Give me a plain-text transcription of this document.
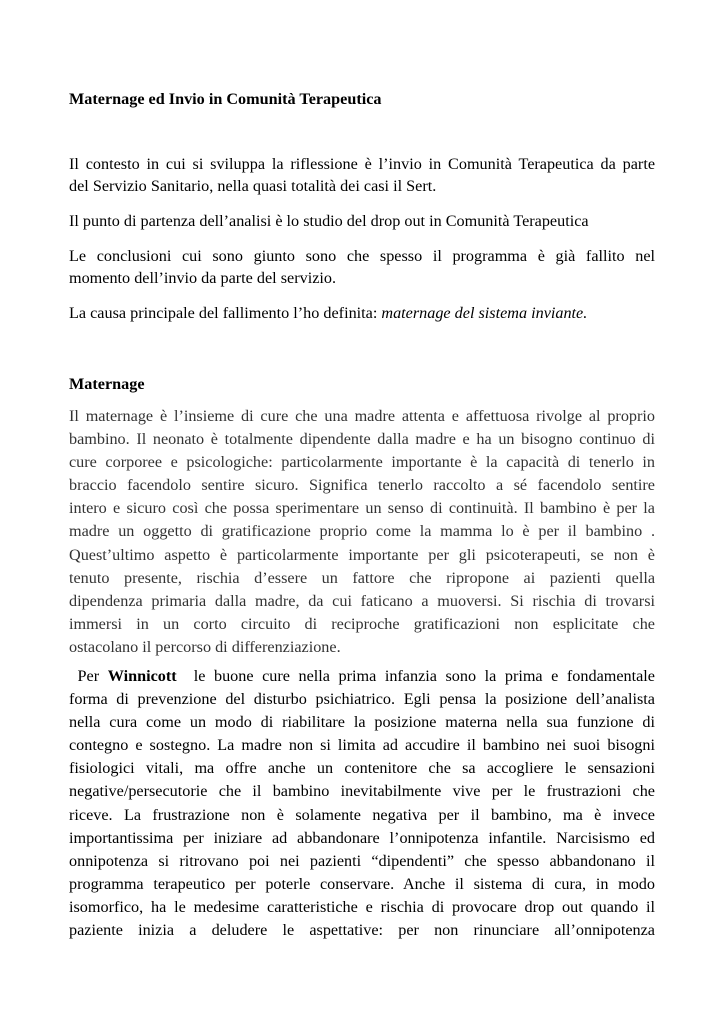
Maternage ed Invio in Comunità Terapeutica
Il contesto in cui si sviluppa la riflessione è l’invio in Comunità Terapeutica da parte
del Servizio Sanitario, nella quasi totalità dei casi il Sert.
Il punto di partenza dell’analisi è lo studio del drop out in Comunità Terapeutica
Le conclusioni cui sono giunto sono che spesso il programma è già fallito nel
momento dell’invio da parte del servizio.
La causa principale del fallimento l’ho definita: maternage del sistema inviante.
Maternage
Il maternage è l’insieme di cure che una madre attenta e affettuosa rivolge al proprio
bambino. Il neonato è totalmente dipendente dalla madre e ha un bisogno continuo di
cure corporee e psicologiche: particolarmente importante è la capacità di tenerlo in
braccio facendolo sentire sicuro. Significa tenerlo raccolto a sé facendolo sentire
intero e sicuro così che possa sperimentare un senso di continuità. Il bambino è per la
madre un oggetto di gratificazione proprio come la mamma lo è per il bambino .
Quest’ultimo aspetto è particolarmente importante per gli psicoterapeuti, se non è
tenuto presente, rischia d’essere un fattore che ripropone ai pazienti quella
dipendenza primaria dalla madre, da cui faticano a muoversi. Si rischia di trovarsi
immersi in un corto circuito di reciproche gratificazioni non esplicitate che
ostacolano il percorso di differenziazione.
Per Winnicott  le buone cure nella prima infanzia sono la prima e fondamentale
forma di prevenzione del disturbo psichiatrico. Egli pensa la posizione dell’analista
nella cura come un modo di riabilitare la posizione materna nella sua funzione di
contegno e sostegno. La madre non si limita ad accudire il bambino nei suoi bisogni
fisiologici vitali, ma offre anche un contenitore che sa accogliere le sensazioni
negative/persecutorie che il bambino inevitabilmente vive per le frustrazioni che
riceve. La frustrazione non è solamente negativa per il bambino, ma è invece
importantissima per iniziare ad abbandonare l’onnipotenza infantile. Narcisismo ed
onnipotenza si ritrovano poi nei pazienti “dipendenti” che spesso abbandonano il
programma terapeutico per poterle conservare. Anche il sistema di cura, in modo
isomorfico, ha le medesime caratteristiche e rischia di provocare drop out quando il
paziente inizia a deludere le aspettative: per non rinunciare all’onnipotenza
